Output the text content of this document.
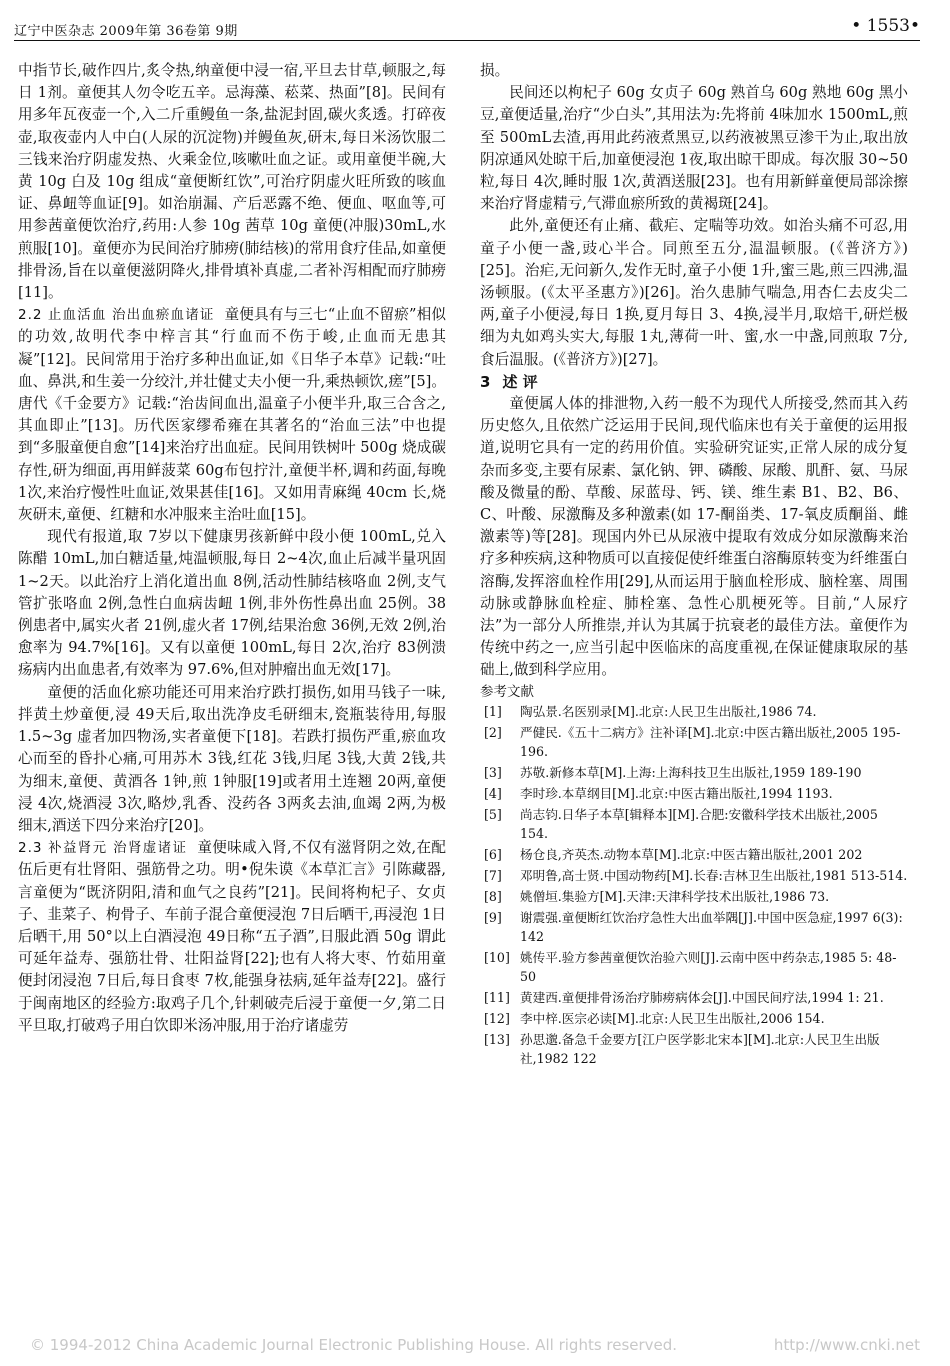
辽宁中医杂志 2009年第 36卷第 9期	• 1553•

中指节长,破作四片,炙令热,纳童便中浸一宿,平旦去甘草,顿服之,每日 1剂。童便其人勿令吃五辛。忌海藻、菘菜、热面”[8]。民间有用多年瓦夜壶一个,入二斤重鳗鱼一条,盐泥封固,碳火炙透。打碎夜壶,取夜壶内人中白(人尿的沉淀物)并鳗鱼灰,研末,每日米汤饮服二三钱来治疗阴虚发热、火乘金位,咳嗽吐血之证。或用童便半碗,大黄 10g 白及 10g 组成“童便断红饮”,可治疗阴虚火旺所致的咳血证、鼻衄等血证[9]。如治崩漏、产后恶露不绝、便血、呕血等,可用参茜童便饮治疗,药用:人参 10g 茜草 10g 童便(冲服)30mL,水煎服[10]。童便亦为民间治疗肺痨(肺结核)的常用食疗佳品,如童便排骨汤,旨在以童便滋阴降火,排骨填补真虚,二者补泻相配而疗肺痨[11]。

2.2 止血活血 治出血瘀血诸证 童便具有与三七“止血不留瘀”相似的功效,故明代李中梓言其“行血而不伤于峻,止血而无患其凝”[12]。民间常用于治疗多种出血证,如《日华子本草》记载:“吐血、鼻洪,和生姜一分绞汁,并壮健丈夫小便一升,乘热顿饮,瘥”[5]。唐代《千金要方》记载:“治齿间血出,温童子小便半升,取三合含之,其血即止”[13]。历代医家缪希雍在其著名的“治血三法”中也提到“多服童便自愈”[14]来治疗出血症。民间用铁树叶 500g 烧成碳存性,研为细面,再用鲜菠菜 60g布包拧汁,童便半杯,调和药面,每晚 1次,来治疗慢性吐血证,效果甚佳[16]。又如用青麻绳 40cm 长,烧灰研末,童便、红糖和水冲服来主治吐血[15]。

现代有报道,取 7岁以下健康男孩新鲜中段小便 100mL,兑入陈醋 10mL,加白糖适量,炖温顿服,每日 2~4次,血止后减半量巩固 1~2天。以此治疗上消化道出血 8例,活动性肺结核咯血 2例,支气管扩张咯血 2例,急性白血病齿衄 1例,非外伤性鼻出血 25例。38例患者中,属实火者 21例,虚火者 17例,结果治愈 36例,无效 2例,治愈率为 94.7%[16]。又有以童便 100mL,每日 2次,治疗 83例溃疡病内出血患者,有效率为 97.6%,但对肿瘤出血无效[17]。

童便的活血化瘀功能还可用来治疗跌打损伤,如用马钱子一味,拌黄土炒童便,浸 49天后,取出洗净皮毛研细末,瓷瓶装待用,每服 1.5~3g 虚者加四物汤,实者童便下[18]。若跌打损伤严重,瘀血攻心而至的昏扑心痛,可用苏木 3钱,红花 3钱,归尾 3钱,大黄 2钱,共为细末,童便、黄酒各 1钟,煎 1钟服[19]或者用土连翘 20两,童便浸 4次,烧酒浸 3次,略炒,乳香、没药各 3两炙去油,血竭 2两,为极细末,酒送下四分来治疗[20]。

2.3 补益肾元 治肾虚诸证 童便味咸入肾,不仅有滋肾阴之效,在配伍后更有壮肾阳、强筋骨之功。明•倪朱谟《本草汇言》引陈藏器,言童便为“既济阴阳,清和血气之良药”[21]。民间将枸杞子、女贞子、韭菜子、枸骨子、车前子混合童便浸泡 7日后晒干,再浸泡 1日后晒干,用 50°以上白酒浸泡 49日称“五子酒”,日服此酒 50g 谓此可延年益寿、强筋壮骨、壮阳益肾[22];也有人将大枣、竹茹用童便封闭浸泡 7日后,每日食枣 7枚,能强身祛病,延年益寿[22]。盛行于闽南地区的经验方:取鸡子几个,针刺破壳后浸于童便一夕,第二日平旦取,打破鸡子用白饮即米汤冲服,用于治疗诸虚劳

损。

民间还以枸杞子 60g 女贞子 60g 熟首乌 60g 熟地 60g 黑小豆,童便适量,治疗“少白头”,其用法为:先将前 4味加水 1500mL,煎至 500mL去渣,再用此药液煮黑豆,以药液被黑豆渗干为止,取出放阴凉通风处晾干后,加童便浸泡 1夜,取出晾干即成。每次服 30~50粒,每日 4次,睡时服 1次,黄酒送服[23]。也有用新鲜童便局部涂擦来治疗肾虚精亏,气滞血瘀所致的黄褐斑[24]。

此外,童便还有止痛、截疟、定喘等功效。如治头痛不可忍,用童子小便一盏,豉心半合。同煎至五分,温温顿服。(《普济方》)[25]。治疟,无问新久,发作无时,童子小便 1升,蜜三匙,煎三四沸,温汤顿服。(《太平圣惠方》)[26]。治久患肺气喘急,用杏仁去皮尖二两,童子小便浸,每日 1换,夏月每日 3、4换,浸半月,取焙干,研烂极细为丸如鸡头实大,每服 1丸,薄荷一叶、蜜,水一中盏,同煎取 7分,食后温服。(《普济方》)[27]。

3 述 评

童便属人体的排泄物,入药一般不为现代人所接受,然而其入药历史悠久,且依然广泛运用于民间,现代临床也有关于童便的运用报道,说明它具有一定的药用价值。实验研究证实,正常人尿的成分复杂而多变,主要有尿素、氯化钠、钾、磷酸、尿酸、肌酐、氨、马尿酸及微量的酚、草酸、尿蓝母、钙、镁、维生素 B1、B2、B6、C、叶酸、尿激酶及多种激素(如 17-酮甾类、17-氧皮质酮甾、雌激素等)等[28]。现国内外已从尿液中提取有效成分如尿激酶来治疗多种疾病,这种物质可以直接促使纤维蛋白溶酶原转变为纤维蛋白溶酶,发挥溶血栓作用[29],从而运用于脑血栓形成、脑栓塞、周围动脉或静脉血栓症、肺栓塞、急性心肌梗死等。目前,“人尿疗法”为一部分人所推崇,并认为其属于抗衰老的最佳方法。童便作为传统中药之一,应当引起中医临床的高度重视,在保证健康取尿的基础上,做到科学应用。

参考文献

[1] 陶弘景.名医别录[M].北京:人民卫生出版社,1986 74.
[2] 严健民.《五十二病方》注补译[M].北京:中医古籍出版社,2005 195-196.
[3] 苏敬.新修本草[M].上海:上海科技卫生出版社,1959 189-190
[4] 李时珍.本草纲目[M].北京:中医古籍出版社,1994 1193.
[5] 尚志钧.日华子本草[辑释本][M].合肥:安徽科学技术出版社,2005 154.
[6] 杨仓良,齐英杰.动物本草[M].北京:中医古籍出版社,2001 202
[7] 邓明鲁,高士贤.中国动物药[M].长春:吉林卫生出版社,1981 513-514.
[8] 姚僧垣.集验方[M].天津:天津科学技术出版社,1986 73.
[9] 谢震强.童便断红饮治疗急性大出血举隅[J].中国中医急症,1997 6(3): 142
[10] 姚传平.验方参茜童便饮治验六则[J].云南中医中药杂志,1985 5: 48-50
[11] 黄建西.童便排骨汤治疗肺痨病体会[J].中国民间疗法,1994 1: 21.
[12] 李中梓.医宗必读[M].北京:人民卫生出版社,2006 154.
[13] 孙思邈.备急千金要方[江户医学影北宋本][M].北京:人民卫生出版社,1982 122
© 1994-2012 China Academic Journal Electronic Publishing House. All rights reserved.	http://www.cnki.net
